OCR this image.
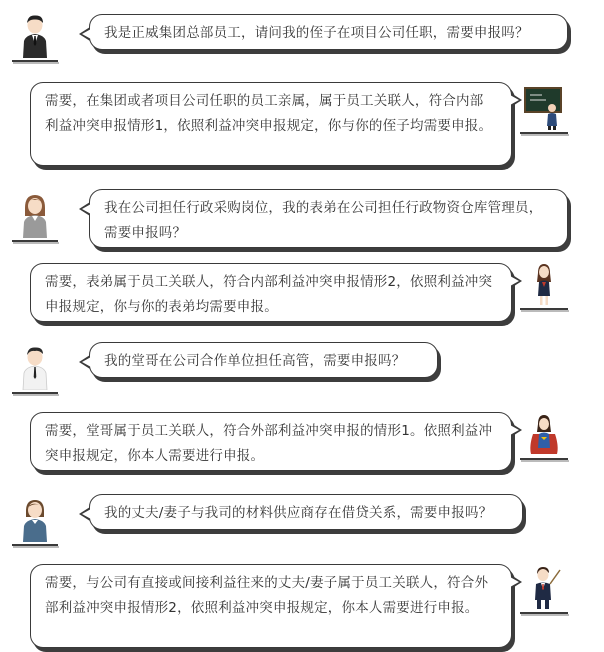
我是正威集团总部员工，请问我的侄子在项目公司任职，需要申报吗？
需要，在集团或者项目公司任职的员工亲属，属于员工关联人，符合内部利益冲突申报情形1，依照利益冲突申报规定，你与你的侄子均需要申报。
我在公司担任行政采购岗位，我的表弟在公司担任行政物资仓库管理员，需要申报吗？
需要，表弟属于员工关联人，符合内部利益冲突申报情形2，依照利益冲突申报规定，你与你的表弟均需要申报。
我的堂哥在公司合作单位担任高管，需要申报吗？
需要，堂哥属于员工关联人，符合外部利益冲突申报的情形1。依照利益冲突申报规定，你本人需要进行申报。
我的丈夫/妻子与我司的材料供应商存在借贷关系，需要申报吗？
需要，与公司有直接或间接利益往来的丈夫/妻子属于员工关联人，符合外部利益冲突申报情形2，依照利益冲突申报规定，你本人需要进行申报。
